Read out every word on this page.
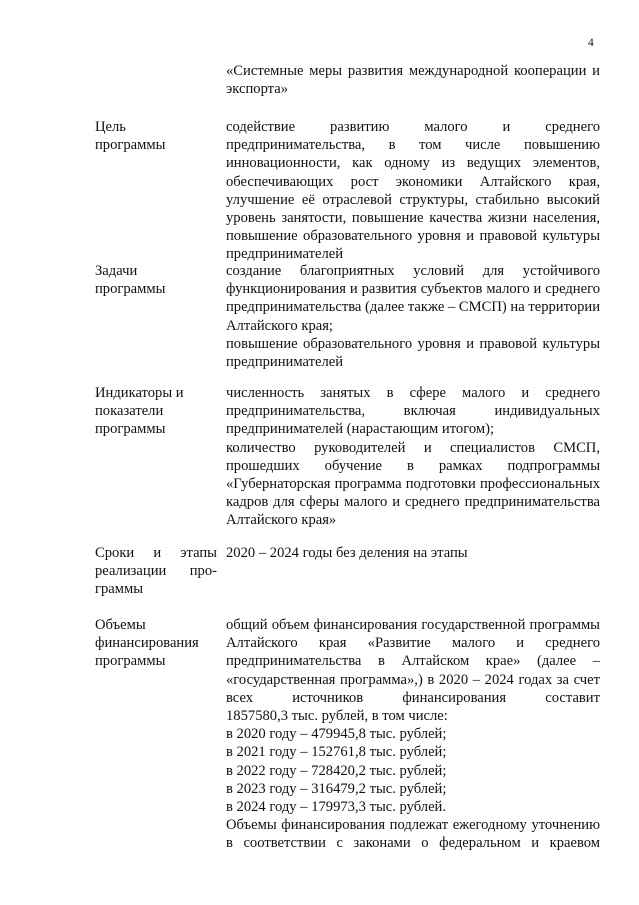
4
«Системные меры развития международной кооперации и экспорта»
Цель
программы
содействие развитию малого и среднего предпринимательства, в том числе повышению инновационности, как одному из ведущих элементов, обеспечивающих рост экономики Алтайского края, улучшение её отраслевой структуры, стабильно высокий уровень занятости, повышение качества жизни населения, повышение образовательного уровня и правовой культуры предпринимателей
Задачи
программы
создание благоприятных условий для устойчивого функционирования и развития субъектов малого и среднего предпринимательства (далее также – СМСП) на территории Алтайского края;
повышение образовательного уровня и правовой культуры предпринимателей
Индикаторы и
показатели
программы
численность занятых в сфере малого и среднего предпринимательства, включая индивидуальных предпринимателей (нарастающим итогом);
количество руководителей и специалистов СМСП, прошедших обучение в рамках подпрограммы «Губернаторская программа подготовки профессиональных кадров для сферы малого и среднего предпринимательства Алтайского края»
Сроки и этапы
реализации про-
граммы
2020 – 2024 годы без деления на этапы
Объемы
финансирования
программы
общий объем финансирования государственной программы Алтайского края «Развитие малого и среднего предпринимательства в Алтайском крае» (далее – «государственная программа»,) в 2020 – 2024 годах за счет всех источников финансирования составит
1857580,3 тыс. рублей, в том числе:
в 2020 году – 479945,8 тыс. рублей;
в 2021 году – 152761,8 тыс. рублей;
в 2022 году – 728420,2 тыс. рублей;
в 2023 году – 316479,2 тыс. рублей;
в 2024 году – 179973,3 тыс. рублей.
Объемы финансирования подлежат ежегодному уточнению в соответствии с законами о федеральном и краевом
